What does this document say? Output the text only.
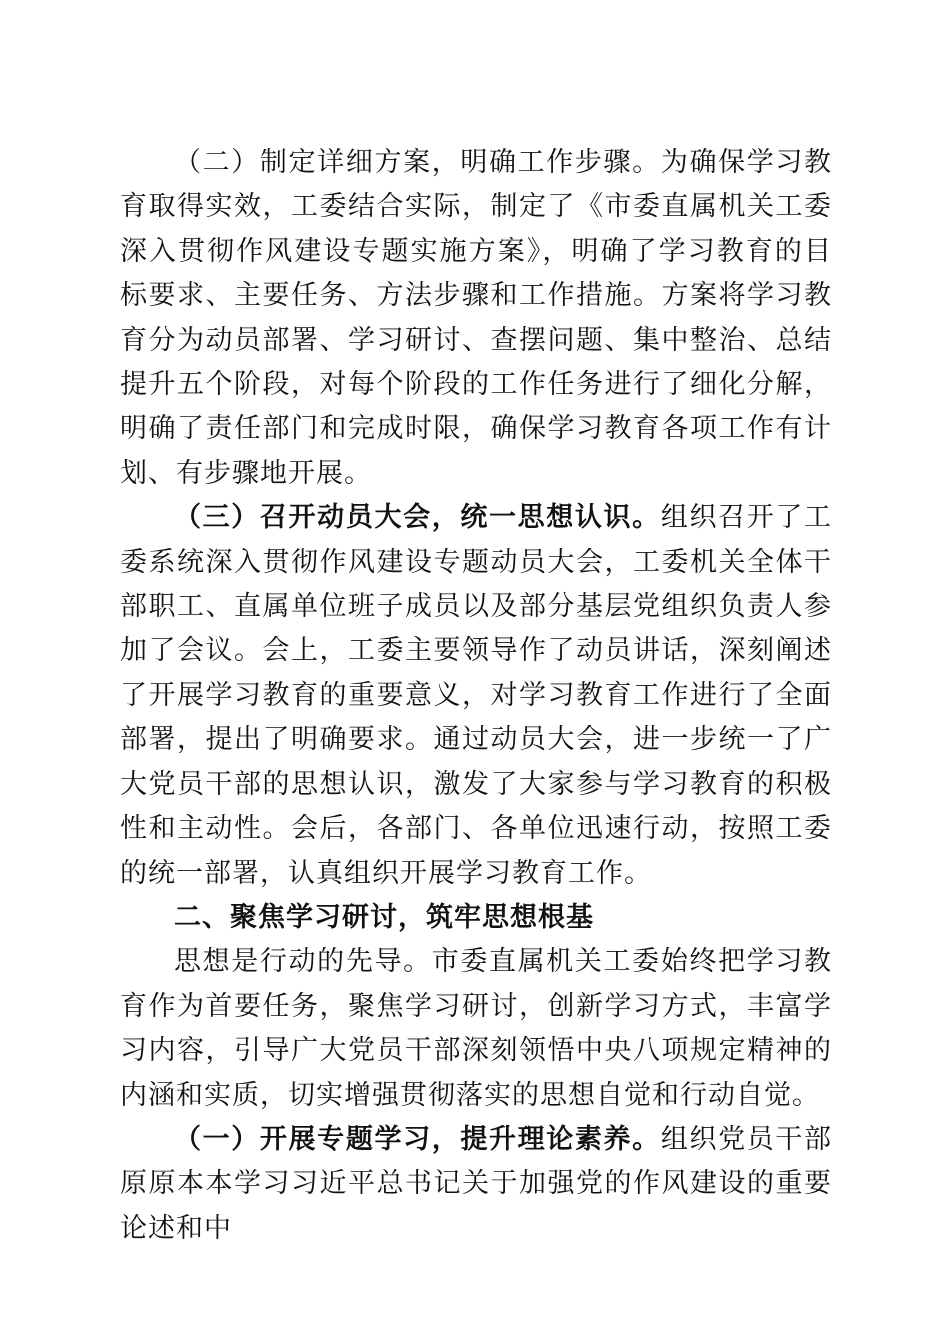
（二）制定详细方案，明确工作步骤。为确保学习教育取得实效，工委结合实际，制定了《市委直属机关工委深入贯彻作风建设专题实施方案》，明确了学习教育的目标要求、主要任务、方法步骤和工作措施。方案将学习教育分为动员部署、学习研讨、查摆问题、集中整治、总结提升五个阶段，对每个阶段的工作任务进行了细化分解，明确了责任部门和完成时限，确保学习教育各项工作有计划、有步骤地开展。

（三）召开动员大会，统一思想认识。组织召开了工委系统深入贯彻作风建设专题动员大会，工委机关全体干部职工、直属单位班子成员以及部分基层党组织负责人参加了会议。会上，工委主要领导作了动员讲话，深刻阐述了开展学习教育的重要意义，对学习教育工作进行了全面部署，提出了明确要求。通过动员大会，进一步统一了广大党员干部的思想认识，激发了大家参与学习教育的积极性和主动性。会后，各部门、各单位迅速行动，按照工委的统一部署，认真组织开展学习教育工作。

二、聚焦学习研讨，筑牢思想根基

思想是行动的先导。市委直属机关工委始终把学习教育作为首要任务，聚焦学习研讨，创新学习方式，丰富学习内容，引导广大党员干部深刻领悟中央八项规定精神的内涵和实质，切实增强贯彻落实的思想自觉和行动自觉。

（一）开展专题学习，提升理论素养。组织党员干部原原本本学习习近平总书记关于加强党的作风建设的重要论述和中
